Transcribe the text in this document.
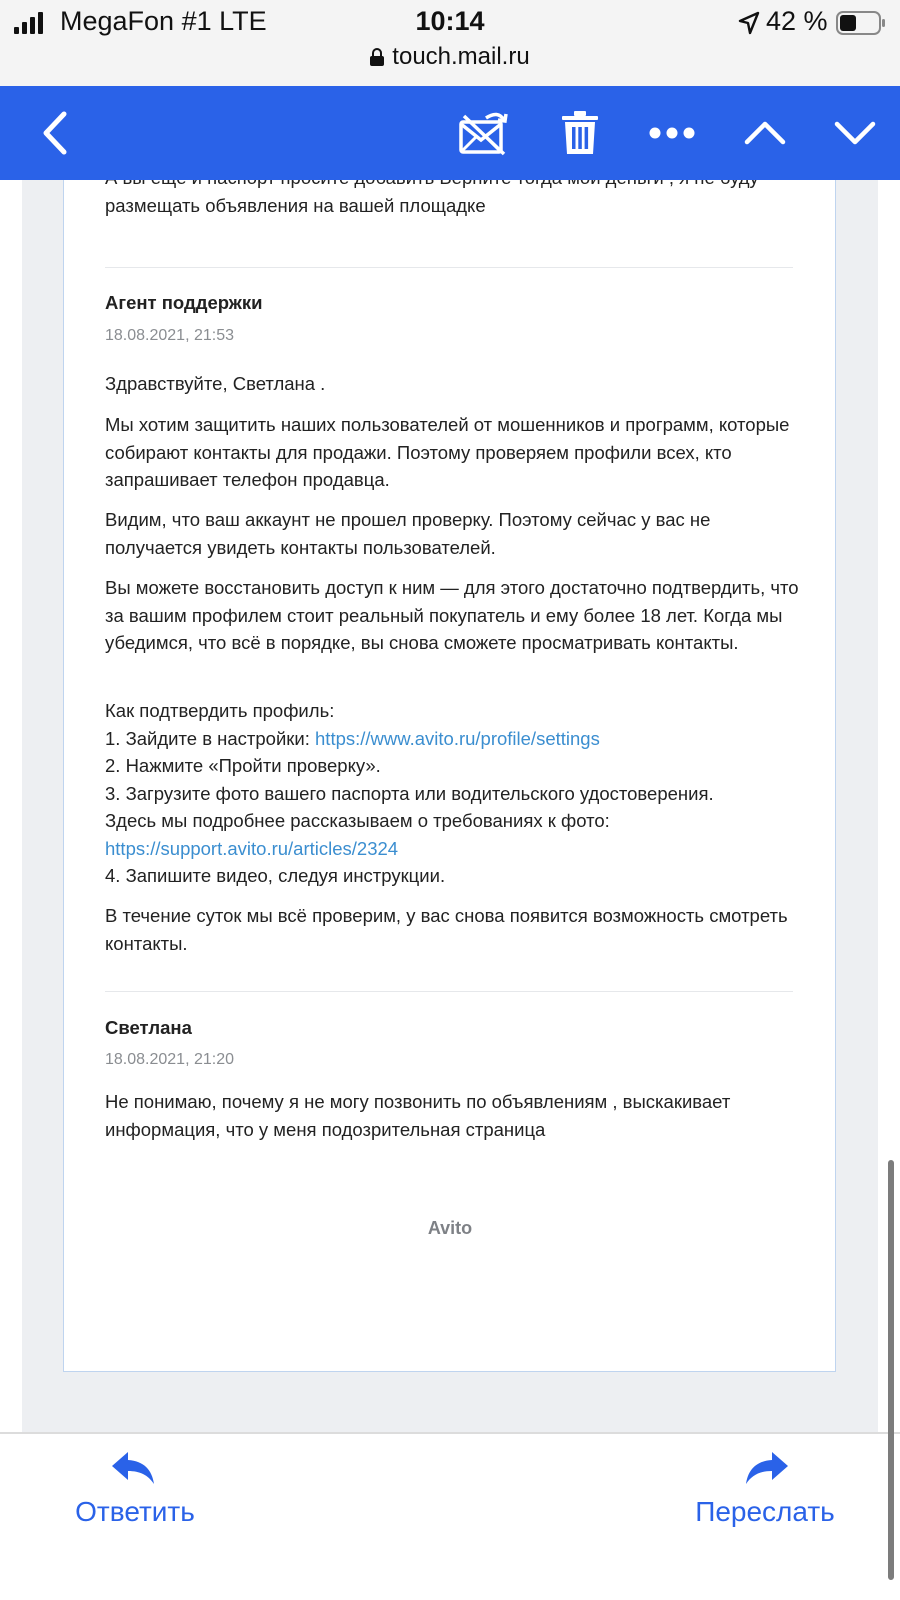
MegaFon #1 LTE	10:14	42 %
touch.mail.ru
размещать объявления на вашей площадке
Агент поддержки
18.08.2021, 21:53
Здравствуйте, Светлана .
Мы хотим защитить наших пользователей от мошенников и программ, которые собирают контакты для продажи. Поэтому проверяем профили всех, кто запрашивает телефон продавца.
Видим, что ваш аккаунт не прошел проверку. Поэтому сейчас у вас не получается увидеть контакты пользователей.
Вы можете восстановить доступ к ним — для этого достаточно подтвердить, что за вашим профилем стоит реальный покупатель и ему более 18 лет. Когда мы убедимся, что всё в порядке, вы снова сможете просматривать контакты.
Как подтвердить профиль:
1. Зайдите в настройки: https://www.avito.ru/profile/settings
2. Нажмите «Пройти проверку».
3. Загрузите фото вашего паспорта или водительского удостоверения.
Здесь мы подробнее рассказываем о требованиях к фото:
https://support.avito.ru/articles/2324
4. Запишите видео, следуя инструкции.
В течение суток мы всё проверим, у вас снова появится возможность смотреть контакты.
Светлана
18.08.2021, 21:20
Не понимаю, почему я не могу позвонить по объявлениям , выскакивает информация, что у меня подозрительная страница
Avito
Ответить	Переслать
